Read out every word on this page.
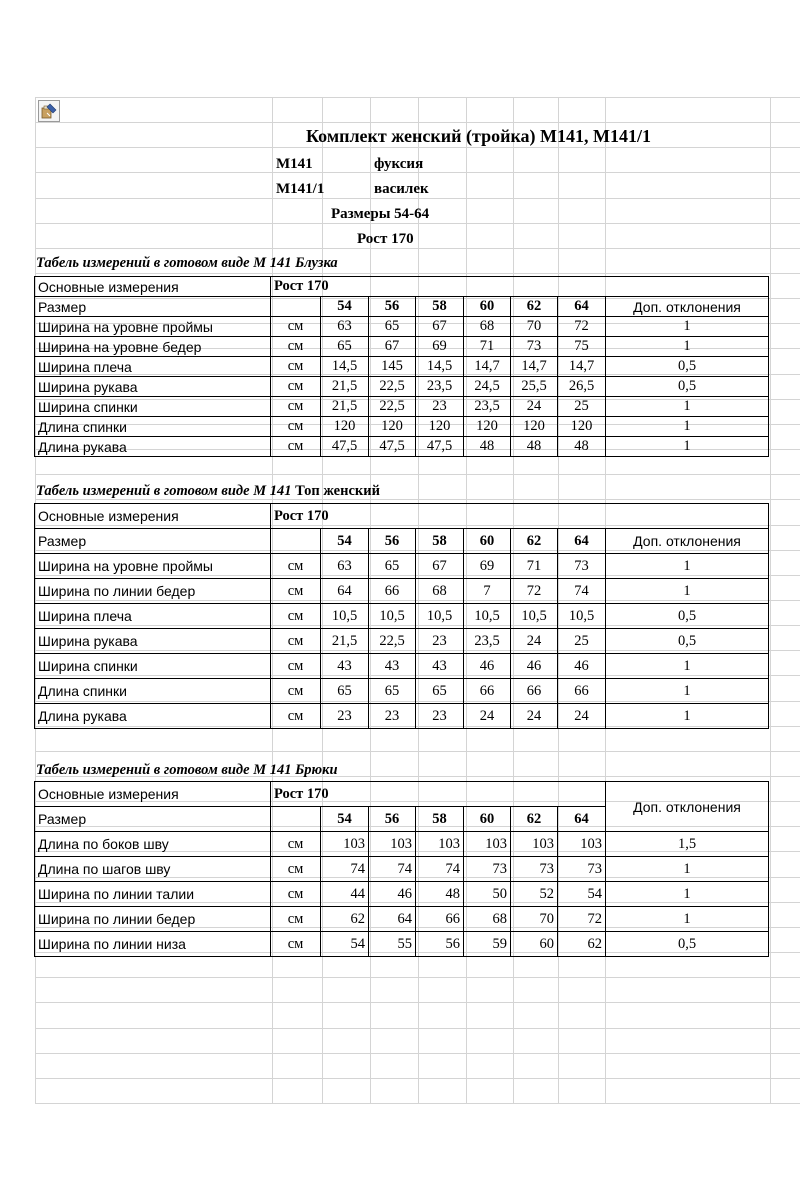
Комплект женский (тройка) М141, М141/1
М141	фуксия
М141/1	василек
Размеры 54-64
Рост 170
Табель измерений в готовом виде М 141 Блузка
Основные измерения	Рост 170							
Размер		54	56	58	60	62	64	Доп. отклонения
Ширина на уровне проймы	см	63	65	67	68	70	72	1
Ширина на уровне бедер	см	65	67	69	71	73	75	1
Ширина плеча	см	14,5	145	14,5	14,7	14,7	14,7	0,5
Ширина рукава	см	21,5	22,5	23,5	24,5	25,5	26,5	0,5
Ширина спинки	см	21,5	22,5	23	23,5	24	25	1
Длина спинки	см	120	120	120	120	120	120	1
Длина рукава	см	47,5	47,5	47,5	48	48	48	1
Табель измерений в готовом виде М 141 Топ женский
Основные измерения	Рост 170							
Размер		54	56	58	60	62	64	Доп. отклонения
Ширина на уровне проймы	см	63	65	67	69	71	73	1
Ширина по линии бедер	см	64	66	68	7	72	74	1
Ширина плеча	см	10,5	10,5	10,5	10,5	10,5	10,5	0,5
Ширина рукава	см	21,5	22,5	23	23,5	24	25	0,5
Ширина спинки	см	43	43	43	46	46	46	1
Длина спинки	см	65	65	65	66	66	66	1
Длина рукава	см	23	23	23	24	24	24	1
Табель измерений в готовом виде М 141 Брюки
Основные измерения	Рост 170							Доп. отклонения
Размер		54	56	58	60	62	64	
Длина по боков шву	см	103	103	103	103	103	103	1,5
Длина по шагов шву	см	74	74	74	73	73	73	1
Ширина по линии талии	см	44	46	48	50	52	54	1
Ширина по линии бедер	см	62	64	66	68	70	72	1
Ширина по линии низа	см	54	55	56	59	60	62	0,5
